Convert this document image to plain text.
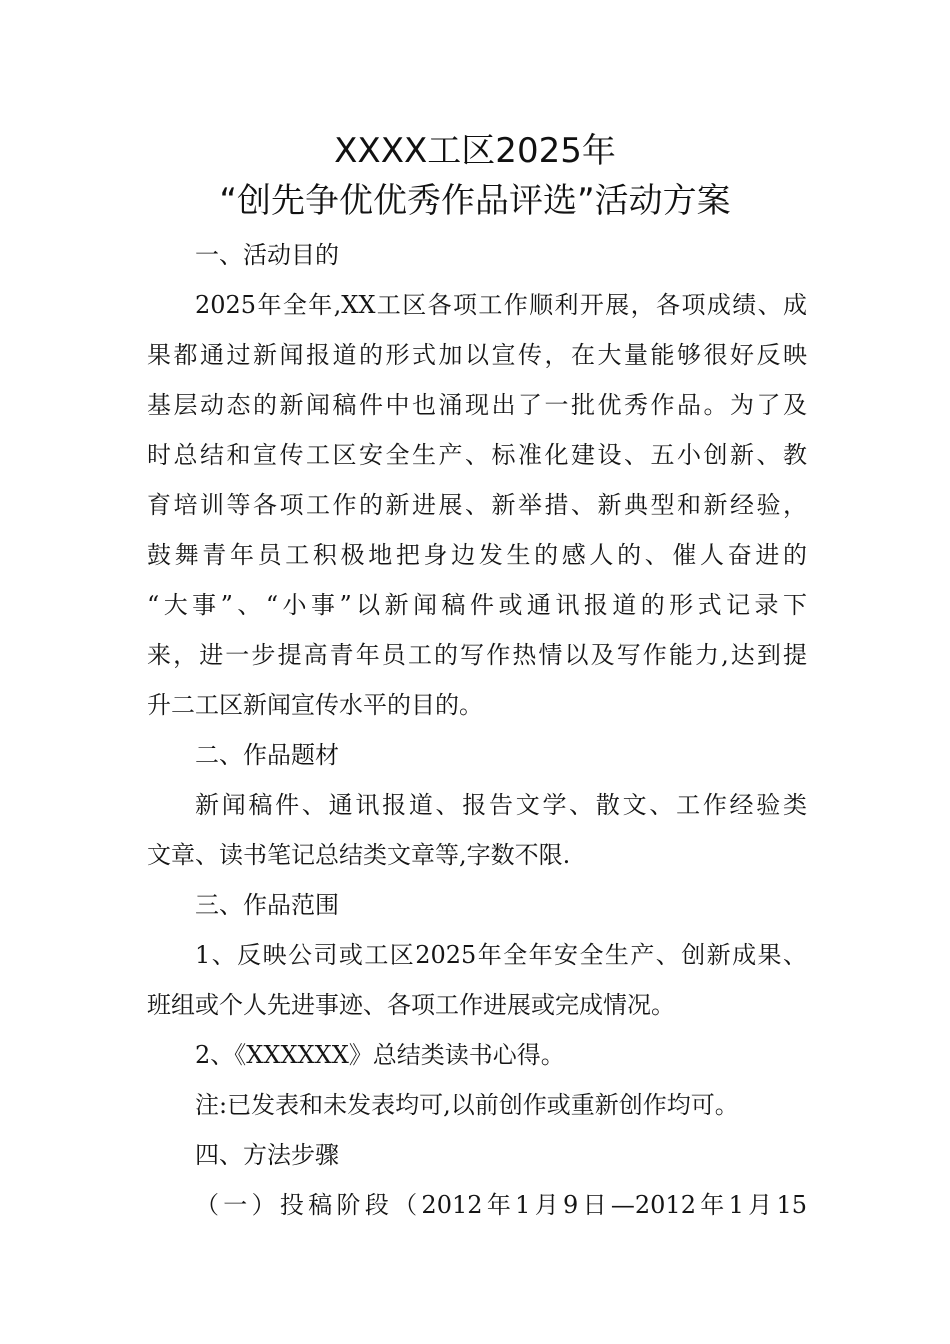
XXXX工区2025年
“创先争优优秀作品评选”活动方案
一、活动目的
2025年全年,XX工区各项工作顺利开展，各项成绩、成
果都通过新闻报道的形式加以宣传，在大量能够很好反映
基层动态的新闻稿件中也涌现出了一批优秀作品。为了及
时总结和宣传工区安全生产、标准化建设、五小创新、教
育培训等各项工作的新进展、新举措、新典型和新经验，
鼓舞青年员工积极地把身边发生的感人的、催人奋进的
“大事”、“小事”以新闻稿件或通讯报道的形式记录下
来，进一步提高青年员工的写作热情以及写作能力,达到提
升二工区新闻宣传水平的目的。
二、作品题材
新闻稿件、通讯报道、报告文学、散文、工作经验类
文章、读书笔记总结类文章等,字数不限.
三、作品范围
1、反映公司或工区2025年全年安全生产、创新成果、
班组或个人先进事迹、各项工作进展或完成情况。
2、《XXXXXX》总结类读书心得。
注:已发表和未发表均可,以前创作或重新创作均可。
四、方法步骤
（一）投稿阶段（2012年1月9日—2012年1月15
